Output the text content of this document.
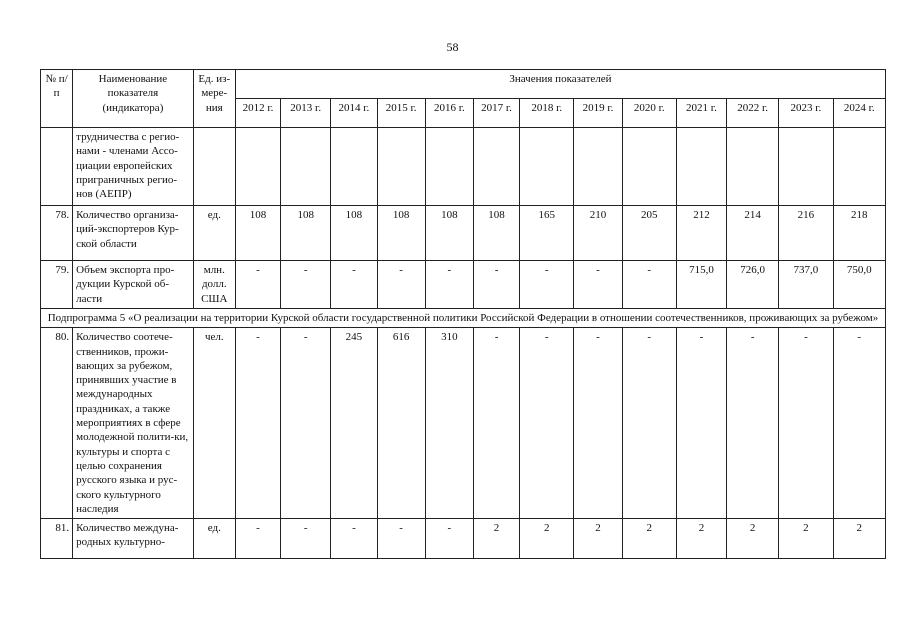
58
№ п/п	Наименование показателя (индикатора)	Ед. из-мере-ния	Значения показателей												
			2012 г.	2013 г.	2014 г.	2015 г.	2016 г.	2017 г.	2018 г.	2019 г.	2020 г.	2021 г.	2022 г.	2023 г.	2024 г.
	трудничества с регио-нами - членами Ассо-циации европейских приграничных регио-нов (АЕПР)														
78.	Количество организа-ций-экспортеров Кур-ской области	ед.	108	108	108	108	108	108	165	210	205	212	214	216	218
79.	Объем экспорта про-дукции Курской об-ласти	млн. долл. США	-	-	-	-	-	-	-	-	-	715,0	726,0	737,0	750,0
Подпрограмма 5 «О реализации на территории Курской области государственной политики Российской Федерации в отношении соотечественников, проживающих за рубежом»															
80.	Количество соотече-ственников, прожи-вающих за рубежом, принявших участие в международных праздниках, а также мероприятиях в сфере молодежной полити-ки, культуры и спорта с целью сохранения русского языка и рус-ского культурного наследия	чел.	-	-	245	616	310	-	-	-	-	-	-	-	-
81.	Количество междуна-родных культурно-	ед.	-	-	-	-	-	2	2	2	2	2	2	2	2
